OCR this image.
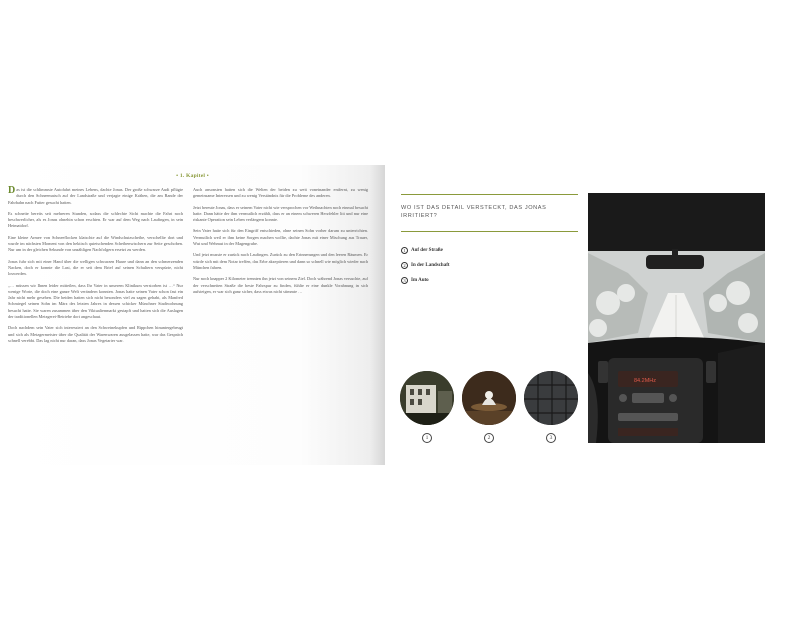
• 1. Kapitel •

Das ist die schlimmste Autofahrt meines Lebens, dachte Jonas. Der große schwarze Audi pflügte durch den Schneematsch auf der Landstraße und verjagte einige Krähen, die am Rande der Fahrbahn nach Futter gesucht hatten.

Es schneite bereits seit mehreren Stunden, sodass die schlechte Sicht machte die Fahrt noch beschwerlicher, als es Jonas ohnehin schon erschien. Er war auf dem Weg nach Laufingen, in sein Heimatdorf.

Eine kleine Armee von Schneeflocken klatschte auf die Windschutzscheibe, verschellte dort und wurde im nächsten Moment von den hektisch quietschenden Scheibenwischern zur Seite geschoben. Nur um in der gleichen Sekunde von unzähligen Nachfolgern ersetzt zu werden.

Jonas fuhr sich mit einer Hand über die welligen schwarzen Haare und dann an den schmerzenden Nacken, doch er konnte die Last, die er seit dem Brief auf seinen Schultern verspürte, nicht loswerden.

„… müssen wir Ihnen leider mitteilen, dass Ihr Vater in unserem Klinikum verstorben ist …“ Nur wenige Worte, die doch eine ganze Welt verändern konnten. Jonas hatte seinen Vater schon fast ein Jahr nicht mehr gesehen. Die beiden hatten sich nicht besonders viel zu sagen gehabt, als Manfred Schmiegel seinen Sohn im März des letzten Jahres in dessen schicker Münchner Stadtwohnung besucht hatte. Sie waren zusammen über den Viktualienmarkt gestapft und hatten sich die Auslagen der traditionellen Metzgerei-Betriebe dort angeschaut.

Doch nachdem sein Vater sich interessiert an den Schweinekupfen und Rippchen hinuntergebeugt und sich als Metzgermeister über die Qualität der Warenwaren ausgelassen hatte, war das Gespräch schnell verebbt. Das lag nicht nur daran, dass Jonas Vegetarier war.

Auch ansonsten hatten sich die Welten der beiden zu weit voneinander entfernt, zu wenig gemeinsame Interessen und zu wenig Verständnis für die Probleme des anderen.

Jetzt bereute Jonas, dass er seinem Vater nicht wie versprochen vor Weihnachten noch einmal besucht hatte. Dann hätte der ihm vermutlich erzählt, dass er an einem schweren Herzfehler litt und nur eine riskante Operation sein Leben verlängern konnte.

Sein Vater hatte sich für den Eingriff entschieden, ohne seinen Sohn vorher darum zu unterrichten. Vermutlich weil er ihm keine Sorgen machen wollte, dachte Jonas mit einer Mischung aus Trauer, Wut und Wehmut in der Magengrube.

Und jetzt musste er zurück nach Laufingen. Zurück zu den Erinnerungen und den leeren Räumen. Er würde sich mit dem Notar treffen, das Erbe akzeptieren und dann so schnell wie möglich wieder nach München fahren.

Nur noch knapper 2 Kilometer trennten ihn jetzt von seinem Ziel. Doch während Jonas versuchte, auf der verschneiten Straße die beste Fahrspur zu finden, fühlte er eine dunkle Vorahnung in sich aufsteigen, er war sich ganz sicher, dass etwas nicht stimmte …

WO IST DAS DETAIL VERSTECKT, DAS JONAS IRRITIERT?
1	Auf der Straße
2	In der Landschaft
3	Im Auto
1	2	3
84.2MHz
